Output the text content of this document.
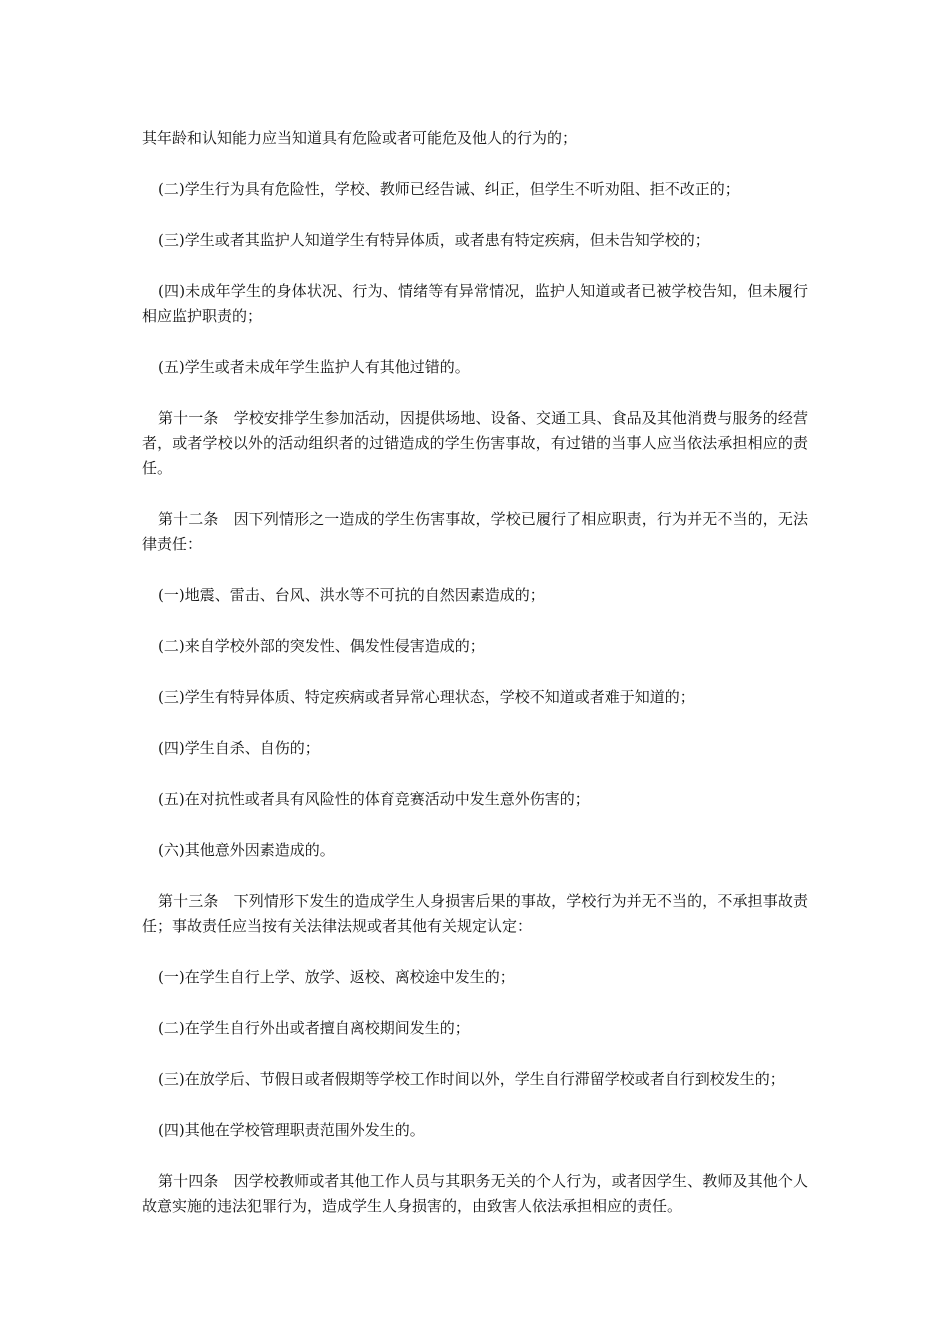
其年龄和认知能力应当知道具有危险或者可能危及他人的行为的；

(二)学生行为具有危险性，学校、教师已经告诫、纠正，但学生不听劝阻、拒不改正的；

(三)学生或者其监护人知道学生有特异体质，或者患有特定疾病，但未告知学校的；

(四)未成年学生的身体状况、行为、情绪等有异常情况，监护人知道或者已被学校告知，但未履行相应监护职责的；

(五)学生或者未成年学生监护人有其他过错的。

第十一条　学校安排学生参加活动，因提供场地、设备、交通工具、食品及其他消费与服务的经营者，或者学校以外的活动组织者的过错造成的学生伤害事故，有过错的当事人应当依法承担相应的责任。

第十二条　因下列情形之一造成的学生伤害事故，学校已履行了相应职责，行为并无不当的，无法律责任：

(一)地震、雷击、台风、洪水等不可抗的自然因素造成的；

(二)来自学校外部的突发性、偶发性侵害造成的；

(三)学生有特异体质、特定疾病或者异常心理状态，学校不知道或者难于知道的；

(四)学生自杀、自伤的；

(五)在对抗性或者具有风险性的体育竞赛活动中发生意外伤害的；

(六)其他意外因素造成的。

第十三条　下列情形下发生的造成学生人身损害后果的事故，学校行为并无不当的，不承担事故责任；事故责任应当按有关法律法规或者其他有关规定认定：

(一)在学生自行上学、放学、返校、离校途中发生的；

(二)在学生自行外出或者擅自离校期间发生的；

(三)在放学后、节假日或者假期等学校工作时间以外，学生自行滞留学校或者自行到校发生的；

(四)其他在学校管理职责范围外发生的。

第十四条　因学校教师或者其他工作人员与其职务无关的个人行为，或者因学生、教师及其他个人故意实施的违法犯罪行为，造成学生人身损害的，由致害人依法承担相应的责任。
